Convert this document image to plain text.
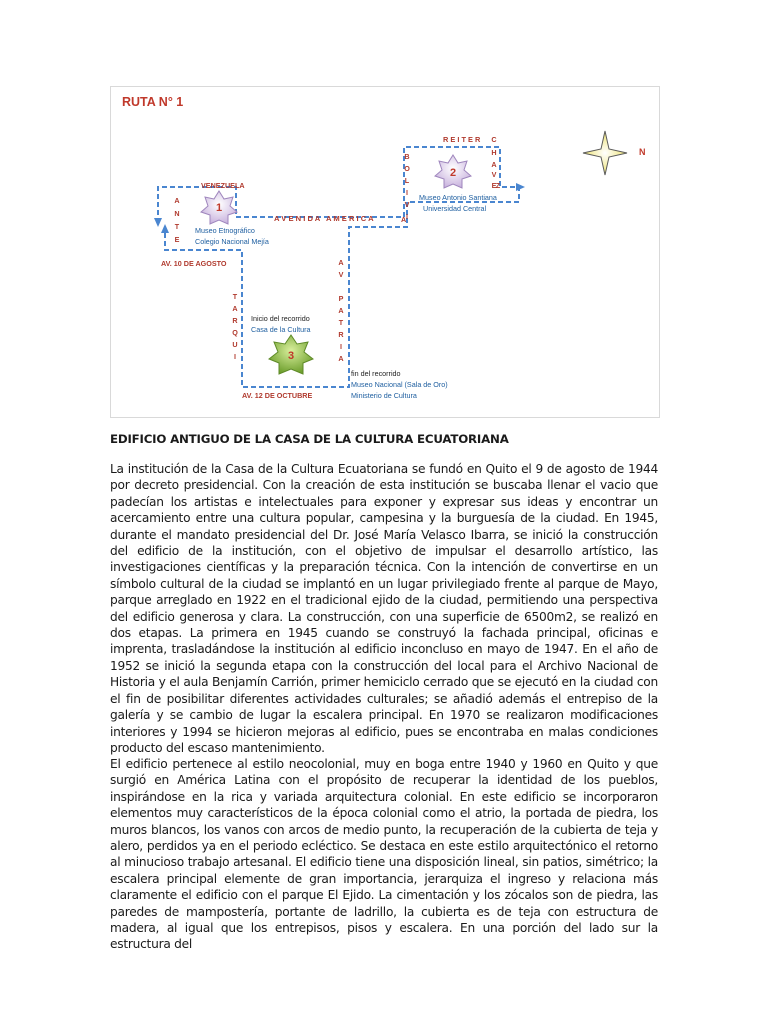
RUTA N° 1
N
VENEZUELA
A
N
T
E
A V E N I D A   A M E R I C A
AV. 10 DE AGOSTO
T
A
R
Q
U
I
AV. 12 DE OCTUBRE
A
V
P
A
T
R
I
A
B
O
L
I
V
I
A
R E I T E R C
H
A
V
E Z
1
Museo Etnográfico
Colegio Nacional Mejía
2
Museo Antonio Santiana
Universidad Central
Inicio del recorrido
Casa de la Cultura
3
fin del recorrido
Museo Nacional (Sala de Oro)
Ministerio de Cultura
EDIFICIO ANTIGUO DE LA CASA DE LA CULTURA ECUATORIANA

La institución de la Casa de la Cultura Ecuatoriana se fundó en Quito el 9 de agosto de 1944 por decreto presidencial. Con la creación de esta institución se buscaba llenar el vacio que padecían los artistas e intelectuales para exponer y expresar sus ideas y encontrar un acercamiento entre una cultura popular, campesina y la burguesía de la ciudad. En 1945, durante el mandato presidencial del Dr. José María Velasco Ibarra, se inició la construcción del edificio de la institución, con el objetivo de impulsar el desarrollo artístico, las investigaciones científicas y la preparación técnica. Con la intención de convertirse en un símbolo cultural de la ciudad se implantó en un lugar privilegiado frente al parque de Mayo, parque arreglado en 1922 en el tradicional ejido de la ciudad, permitiendo una perspectiva del edificio generosa y clara. La construcción, con una superficie de 6500m2, se realizó en dos etapas. La primera en 1945 cuando se construyó la fachada principal, oficinas e imprenta, trasladándose la institución al edificio inconcluso en mayo de 1947. En el año de 1952 se inició la segunda etapa con la construcción del local para el Archivo Nacional de Historia y el aula Benjamín Carrión, primer hemiciclo cerrado que se ejecutó en la ciudad con el fin de posibilitar diferentes actividades culturales; se añadió además el entrepiso de la galería y se cambio de lugar la escalera principal. En 1970 se realizaron modificaciones interiores y 1994 se hicieron mejoras al edificio, pues se encontraba en malas condiciones producto del escaso mantenimiento.

El edificio pertenece al estilo neocolonial, muy en boga entre 1940 y 1960 en Quito y que surgió en América Latina con el propósito de recuperar la identidad de los pueblos, inspirándose en la rica y variada arquitectura colonial. En este edificio se incorporaron elementos muy característicos de la época colonial como el atrio, la portada de piedra, los muros blancos, los vanos con arcos de medio punto, la recuperación de la cubierta de teja y alero, perdidos ya en el periodo ecléctico. Se destaca en este estilo arquitectónico el retorno al minucioso trabajo artesanal. El edificio tiene una disposición lineal, sin patios, simétrico; la escalera principal elemente de gran importancia, jerarquiza el ingreso y relaciona más claramente el edificio con el parque El Ejido. La cimentación y los zócalos son de piedra, las paredes de mampostería, portante de ladrillo, la cubierta es de teja con estructura de madera, al igual que los entrepisos, pisos y escalera. En una porción del lado sur la estructura del
